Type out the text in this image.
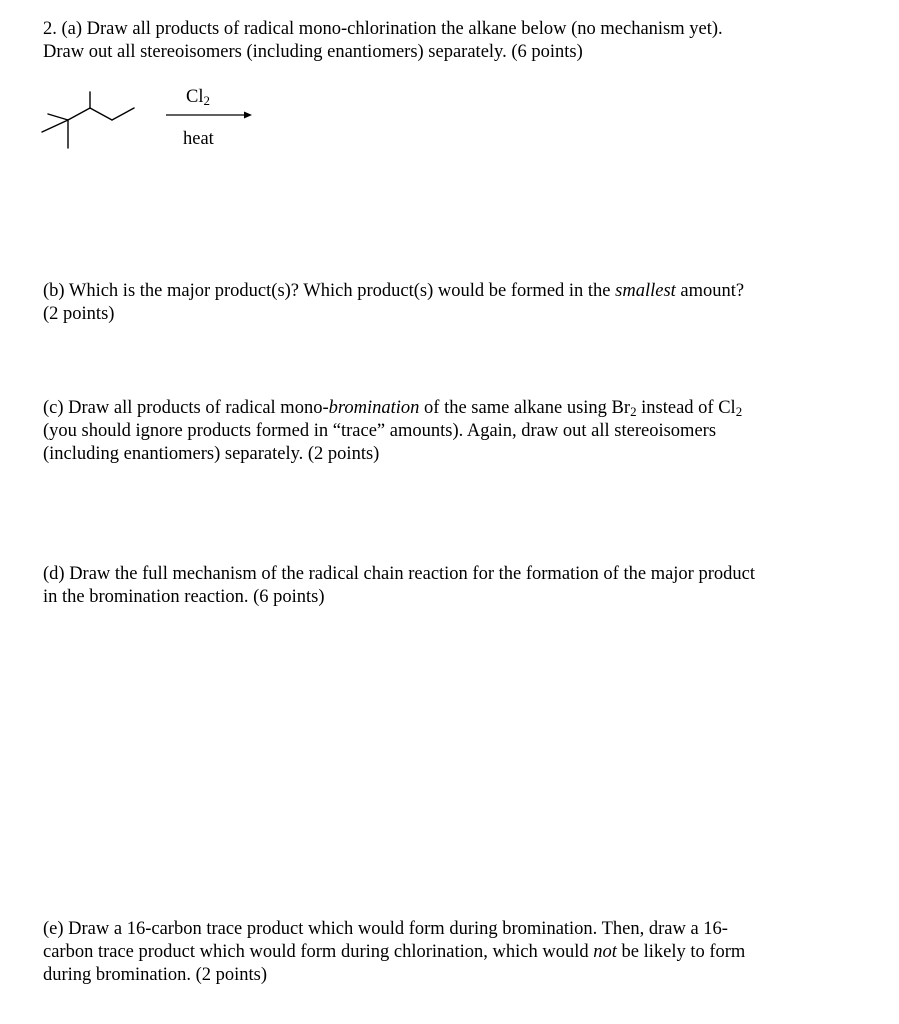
2. (a) Draw all products of radical mono-chlorination the alkane below (no mechanism yet).

Draw out all stereoisomers (including enantiomers) separately. (6 points)

$Cl_2$
heat

(b) Which is the major product(s)? Which product(s) would be formed in the smallest amount?

(2 points)

(c) Draw all products of radical mono-bromination of the same alkane using $Br_2$ instead of $Cl_2$

(you should ignore products formed in “trace” amounts). Again, draw out all stereoisomers

(including enantiomers) separately. (2 points)

(d) Draw the full mechanism of the radical chain reaction for the formation of the major product

in the bromination reaction. (6 points)

(e) Draw a 16-carbon trace product which would form during bromination. Then, draw a 16-

carbon trace product which would form during chlorination, which would not be likely to form

during bromination. (2 points)
